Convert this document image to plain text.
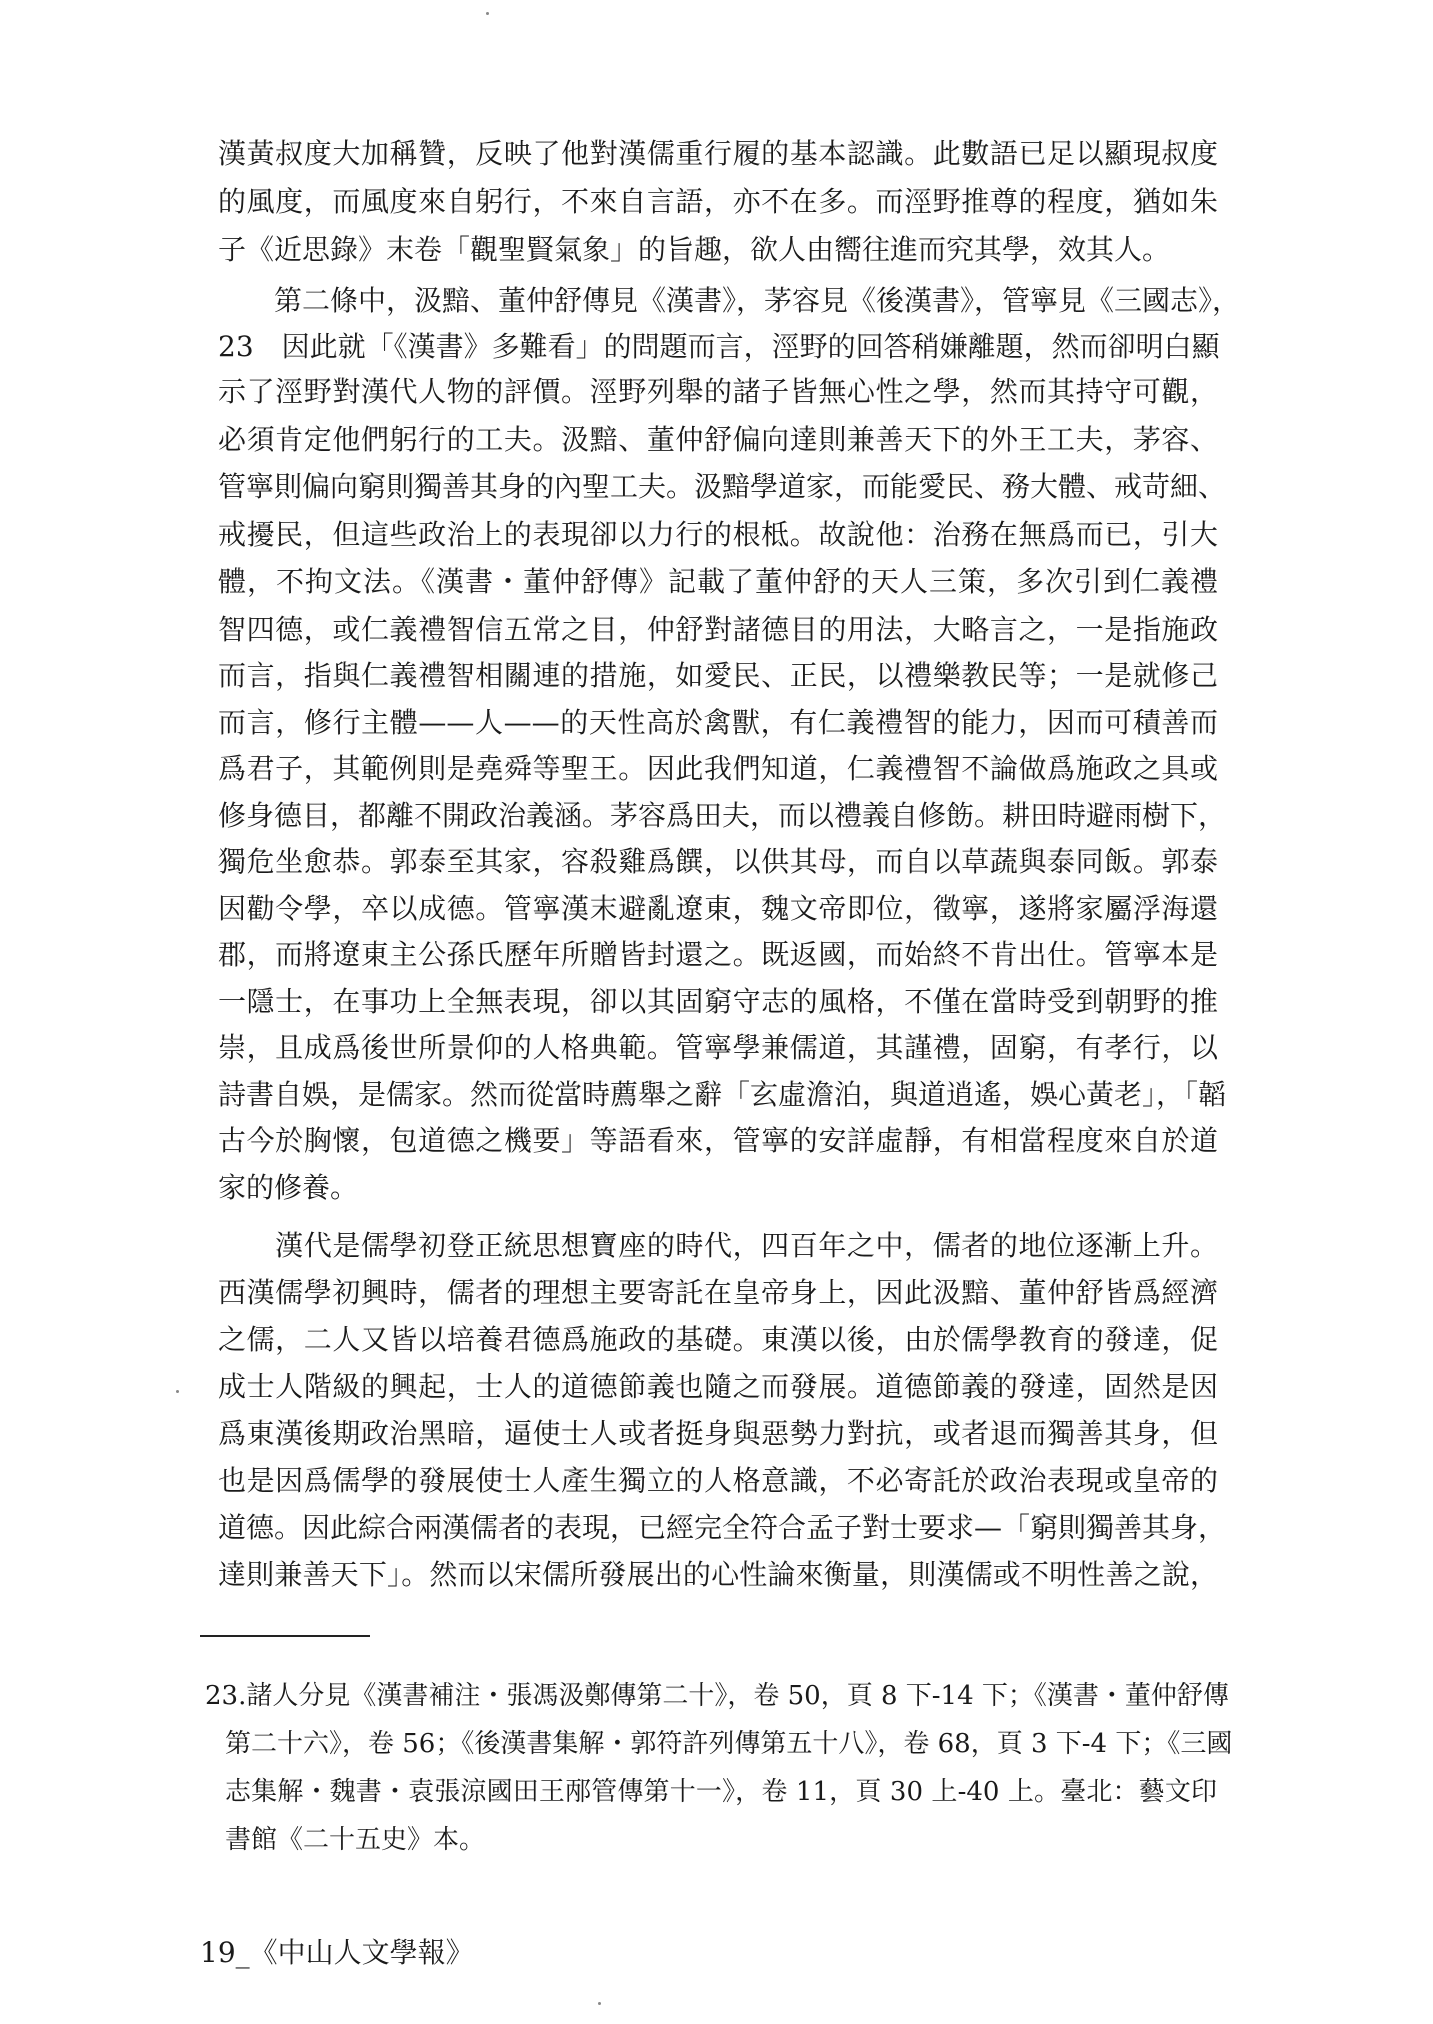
漢黃叔度大加稱贊，反映了他對漢儒重行履的基本認識。此數語已足以顯現叔度
的風度，而風度來自躬行，不來自言語，亦不在多。而涇野推尊的程度，猶如朱
子《近思錄》末卷「觀聖賢氣象」的旨趣，欲人由嚮往進而究其學，效其人。
　　第二條中，汲黯、董仲舒傳見《漢書》，茅容見《後漢書》，管寧見《三國志》，
23　因此就「《漢書》多難看」的問題而言，涇野的回答稍嫌離題，然而卻明白顯
示了涇野對漢代人物的評價。涇野列舉的諸子皆無心性之學，然而其持守可觀，
必須肯定他們躬行的工夫。汲黯、董仲舒偏向達則兼善天下的外王工夫，茅容、
管寧則偏向窮則獨善其身的內聖工夫。汲黯學道家，而能愛民、務大體、戒苛細、
戒擾民，但這些政治上的表現卻以力行的根柢。故說他：治務在無爲而已，引大
體，不拘文法。《漢書・董仲舒傳》記載了董仲舒的天人三策，多次引到仁義禮
智四德，或仁義禮智信五常之目，仲舒對諸德目的用法，大略言之，一是指施政
而言，指與仁義禮智相關連的措施，如愛民、正民，以禮樂教民等；一是就修己
而言，修行主體——人——的天性高於禽獸，有仁義禮智的能力，因而可積善而
爲君子，其範例則是堯舜等聖王。因此我們知道，仁義禮智不論做爲施政之具或
修身德目，都離不開政治義涵。茅容爲田夫，而以禮義自修飭。耕田時避雨樹下，
獨危坐愈恭。郭泰至其家，容殺雞爲饌，以供其母，而自以草蔬與泰同飯。郭泰
因勸令學，卒以成德。管寧漢末避亂遼東，魏文帝即位，徵寧，遂將家屬浮海還
郡，而將遼東主公孫氏歷年所贈皆封還之。既返國，而始終不肯出仕。管寧本是
一隱士，在事功上全無表現，卻以其固窮守志的風格，不僅在當時受到朝野的推
崇，且成爲後世所景仰的人格典範。管寧學兼儒道，其謹禮，固窮，有孝行，以
詩書自娛，是儒家。然而從當時薦舉之辭「玄虛澹泊，與道逍遙，娛心黃老」，「韜
古今於胸懷，包道德之機要」等語看來，管寧的安詳虛靜，有相當程度來自於道
家的修養。
　　漢代是儒學初登正統思想寶座的時代，四百年之中，儒者的地位逐漸上升。
西漢儒學初興時，儒者的理想主要寄託在皇帝身上，因此汲黯、董仲舒皆爲經濟
之儒，二人又皆以培養君德爲施政的基礎。東漢以後，由於儒學教育的發達，促
成士人階級的興起，士人的道德節義也隨之而發展。道德節義的發達，固然是因
爲東漢後期政治黑暗，逼使士人或者挺身與惡勢力對抗，或者退而獨善其身，但
也是因爲儒學的發展使士人產生獨立的人格意識，不必寄託於政治表現或皇帝的
道德。因此綜合兩漢儒者的表現，已經完全符合孟子對士要求—「窮則獨善其身，
達則兼善天下」。然而以宋儒所發展出的心性論來衡量，則漢儒或不明性善之說，
23.諸人分見《漢書補注・張馮汲鄭傳第二十》，卷 50，頁 8 下-14 下；《漢書・董仲舒傳
第二十六》，卷 56；《後漢書集解・郭符許列傳第五十八》，卷 68，頁 3 下-4 下；《三國
志集解・魏書・袁張涼國田王邴管傳第十一》，卷 11，頁 30 上-40 上。臺北：藝文印
書館《二十五史》本。
19_《中山人文學報》
